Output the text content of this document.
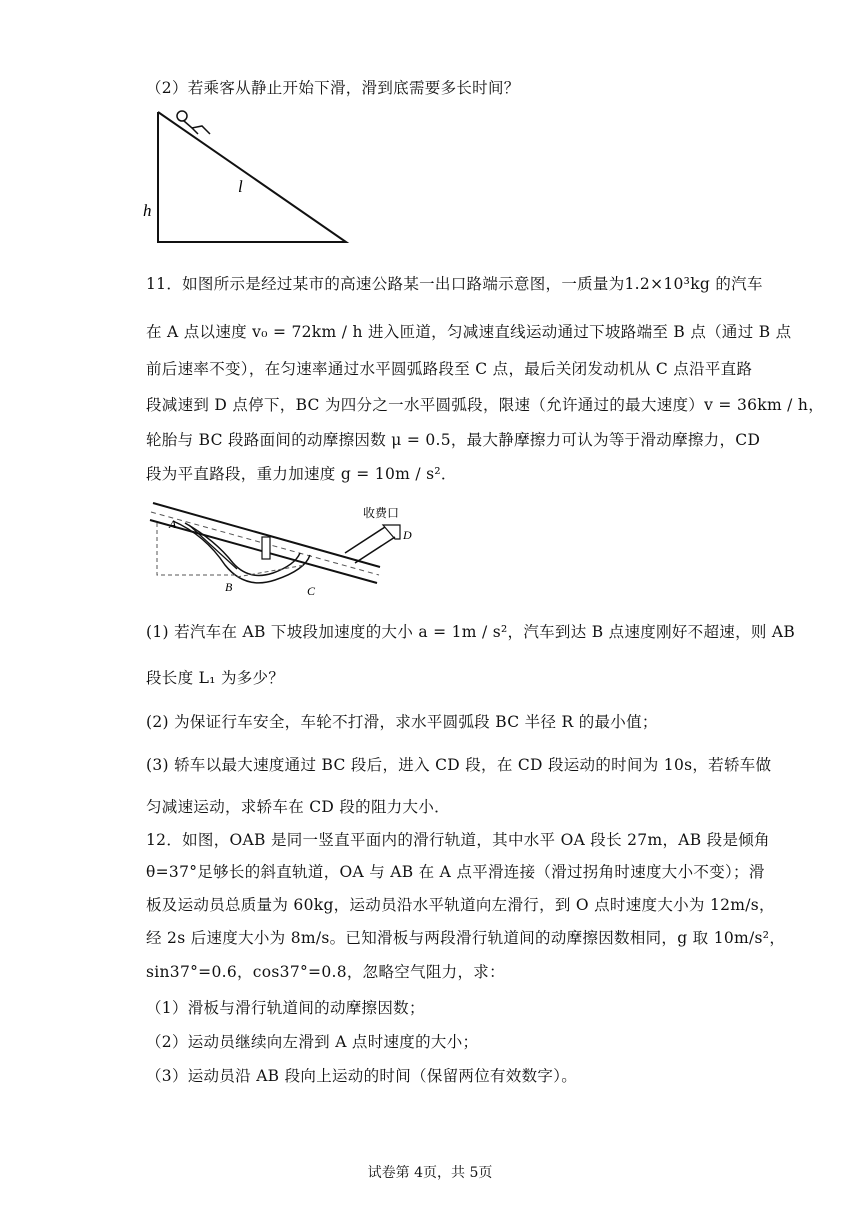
（2）若乘客从静止开始下滑，滑到底需要多长时间？
l
h
11．如图所示是经过某市的高速公路某一出口路端示意图，一质量为1.2×10³kg 的汽车
在 A 点以速度 v₀ = 72km / h 进入匝道，匀减速直线运动通过下坡路端至 B 点（通过 B 点
前后速率不变），在匀速率通过水平圆弧路段至 C 点，最后关闭发动机从 C 点沿平直路
段减速到 D 点停下，BC 为四分之一水平圆弧段，限速（允许通过的最大速度）v = 36km / h，
轮胎与 BC 段路面间的动摩擦因数 μ = 0.5，最大静摩擦力可认为等于滑动摩擦力，CD
段为平直路段，重力加速度 g = 10m / s²．
A
B	C
D
收费口
(1) 若汽车在 AB 下坡段加速度的大小 a = 1m / s²，汽车到达 B 点速度刚好不超速，则 AB
段长度 L₁ 为多少？
(2) 为保证行车安全，车轮不打滑，求水平圆弧段 BC 半径 R 的最小值；
(3) 轿车以最大速度通过 BC 段后，进入 CD 段，在 CD 段运动的时间为 10s，若轿车做
匀减速运动，求轿车在 CD 段的阻力大小．
12．如图，OAB 是同一竖直平面内的滑行轨道，其中水平 OA 段长 27m，AB 段是倾角
θ=37°足够长的斜直轨道，OA 与 AB 在 A 点平滑连接（滑过拐角时速度大小不变）；滑
板及运动员总质量为 60kg，运动员沿水平轨道向左滑行，到 O 点时速度大小为 12m/s，
经 2s 后速度大小为 8m/s。已知滑板与两段滑行轨道间的动摩擦因数相同，g 取 10m/s²，
sin37°=0.6，cos37°=0.8，忽略空气阻力，求：
（1）滑板与滑行轨道间的动摩擦因数；
（2）运动员继续向左滑到 A 点时速度的大小；
（3）运动员沿 AB 段向上运动的时间（保留两位有效数字）。
试卷第 4页，共 5页
